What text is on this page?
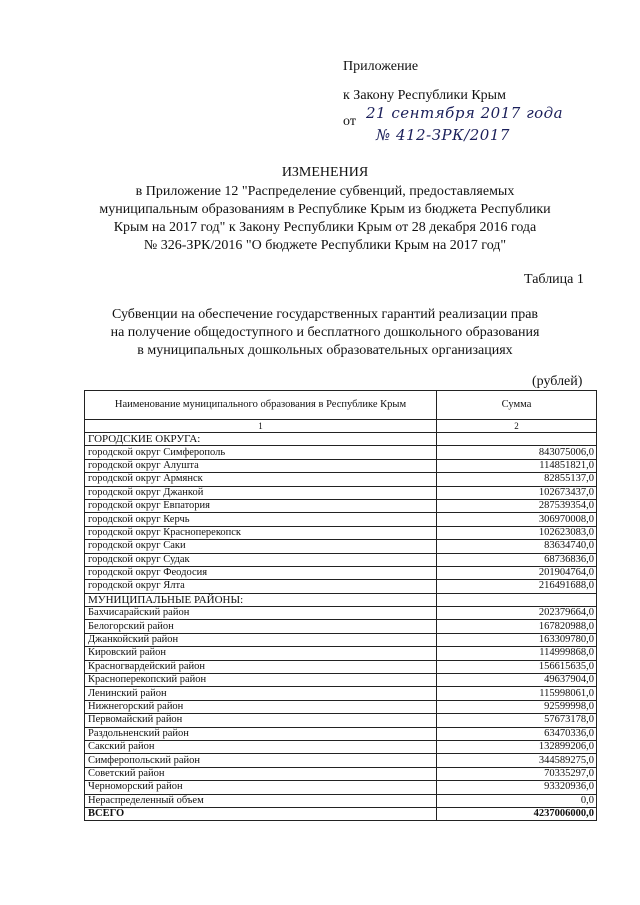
Приложение
к Закону Республики Крым
от 21 сентября 2017 года
№ 412-ЗРК/2017
ИЗМЕНЕНИЯ
в Приложение 12 "Распределение субвенций, предоставляемых
муниципальным образованиям в Республике Крым из бюджета Республики
Крым на 2017 год" к Закону Республики Крым от 28 декабря 2016 года
№ 326-ЗРК/2016 "О бюджете Республики Крым на 2017 год"
Таблица 1
Субвенции на обеспечение государственных гарантий реализации прав
на получение общедоступного и бесплатного дошкольного образования
в муниципальных дошкольных образовательных организациях
(рублей)
Наименование муниципального образования в Республике Крым	Сумма
1	2
ГОРОДСКИЕ ОКРУГА:	
городской округ Симферополь	843075006,0
городской округ Алушта	114851821,0
городской округ Армянск	82855137,0
городской округ Джанкой	102673437,0
городской округ Евпатория	287539354,0
городской округ Керчь	306970008,0
городской округ Красноперекопск	102623083,0
городской округ Саки	83634740,0
городской округ Судак	68736836,0
городской округ Феодосия	201904764,0
городской округ Ялта	216491688,0
МУНИЦИПАЛЬНЫЕ РАЙОНЫ:	
Бахчисарайский район	202379664,0
Белогорский район	167820988,0
Джанкойский район	163309780,0
Кировский район	114999868,0
Красногвардейский район	156615635,0
Красноперекопский район	49637904,0
Ленинский район	115998061,0
Нижнегорский район	92599998,0
Первомайский район	57673178,0
Раздольненский район	63470336,0
Сакский район	132899206,0
Симферопольский район	344589275,0
Советский район	70335297,0
Черноморский район	93320936,0
Нераспределенный объем	0,0
ВСЕГО	4237006000,0
